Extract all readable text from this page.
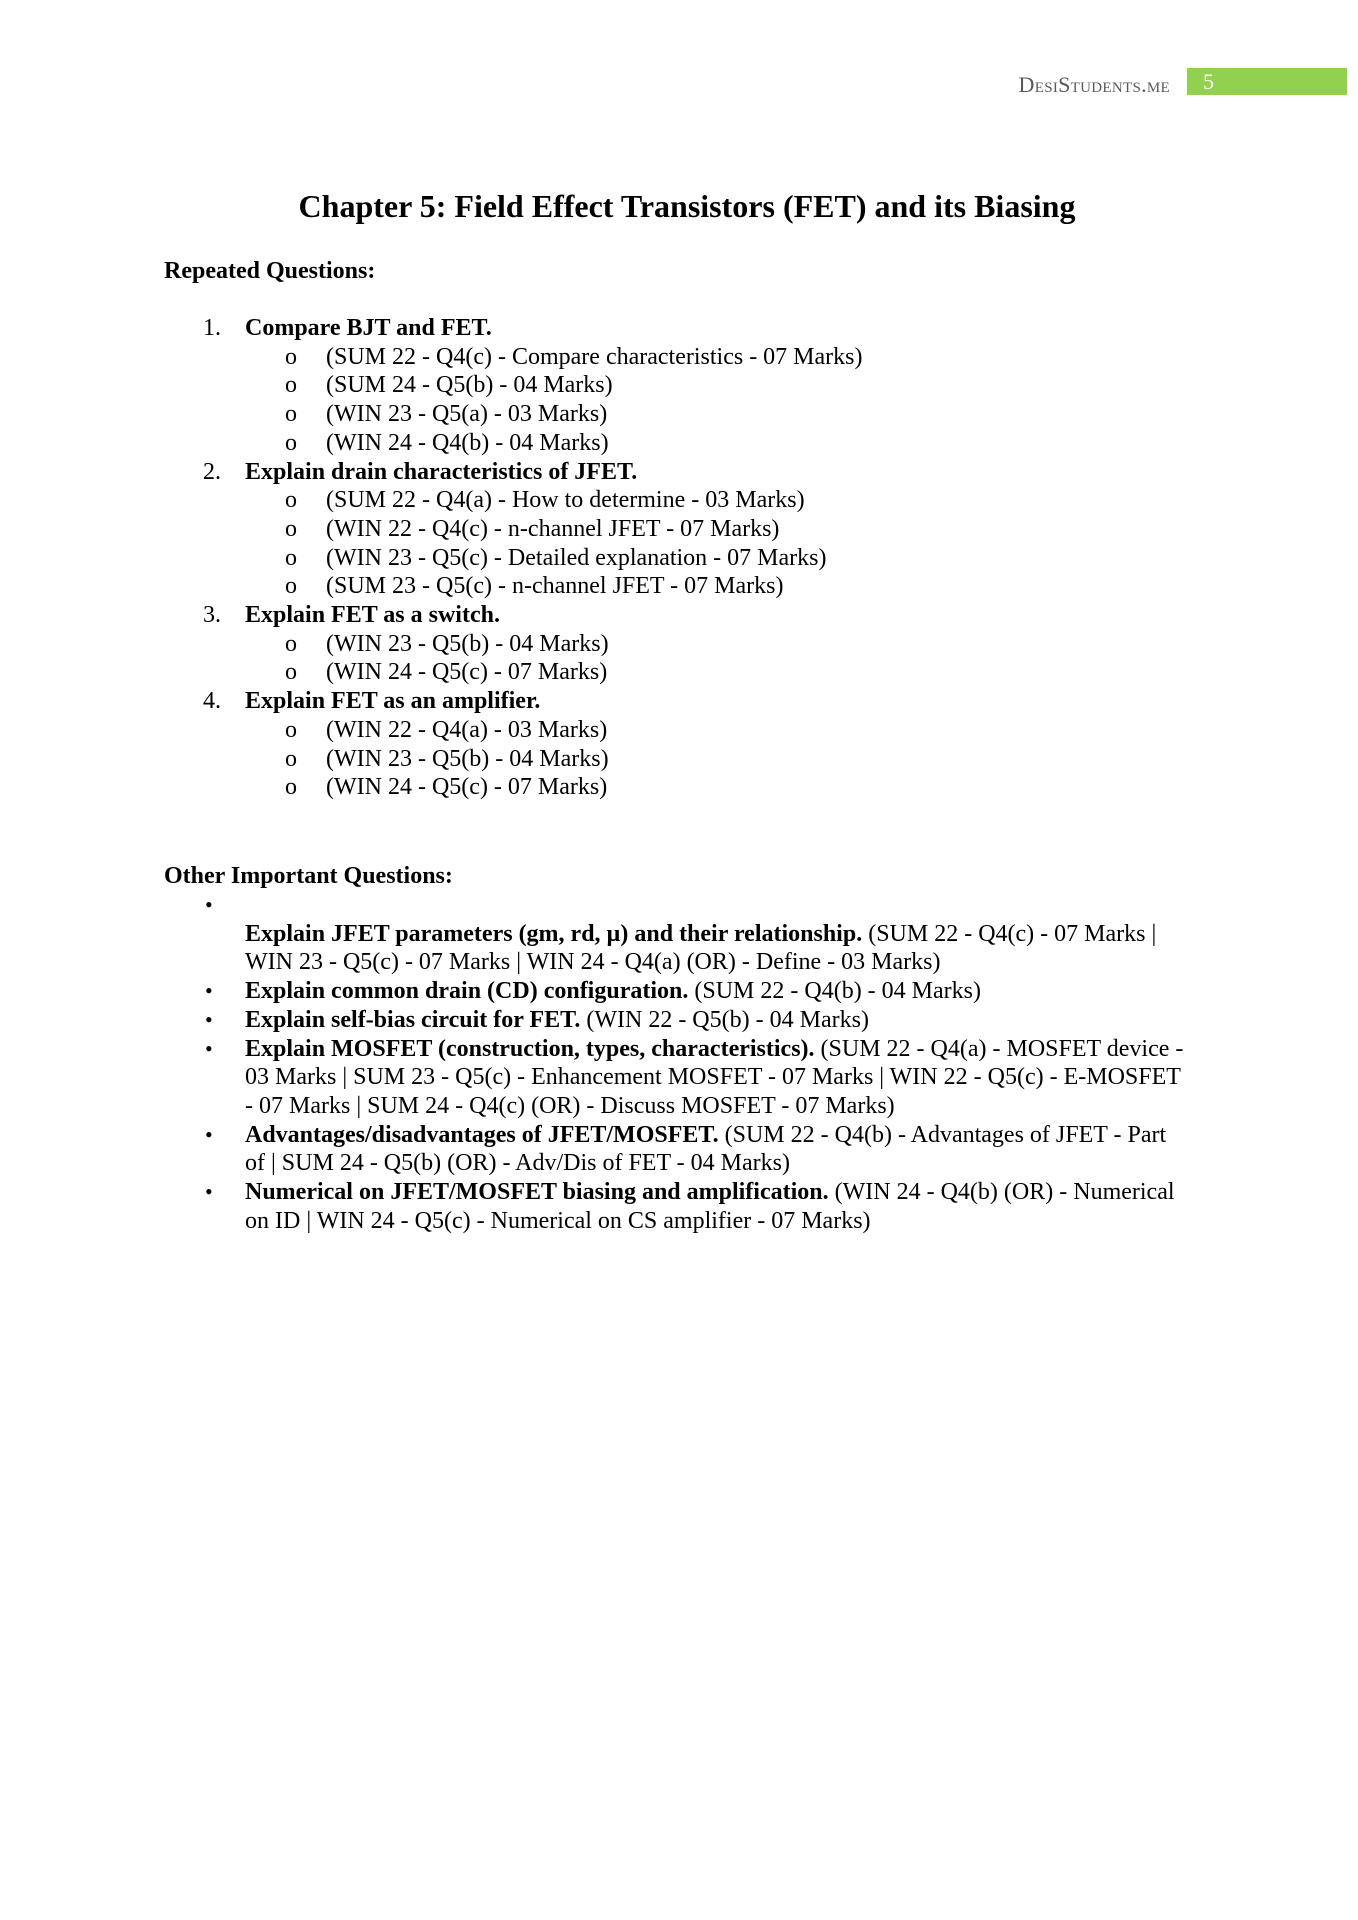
DesiStudents.me	5
Chapter 5: Field Effect Transistors (FET) and its Biasing
Repeated Questions:
1. Compare BJT and FET.
o (SUM 22 - Q4(c) - Compare characteristics - 07 Marks)
o (SUM 24 - Q5(b) - 04 Marks)
o (WIN 23 - Q5(a) - 03 Marks)
o (WIN 24 - Q4(b) - 04 Marks)
2. Explain drain characteristics of JFET.
o (SUM 22 - Q4(a) - How to determine - 03 Marks)
o (WIN 22 - Q4(c) - n-channel JFET - 07 Marks)
o (WIN 23 - Q5(c) - Detailed explanation - 07 Marks)
o (SUM 23 - Q5(c) - n-channel JFET - 07 Marks)
3. Explain FET as a switch.
o (WIN 23 - Q5(b) - 04 Marks)
o (WIN 24 - Q5(c) - 07 Marks)
4. Explain FET as an amplifier.
o (WIN 22 - Q4(a) - 03 Marks)
o (WIN 23 - Q5(b) - 04 Marks)
o (WIN 24 - Q5(c) - 07 Marks)
Other Important Questions:
•
Explain JFET parameters (gm, rd, µ) and their relationship. (SUM 22 - Q4(c) - 07 Marks | WIN 23 - Q5(c) - 07 Marks | WIN 24 - Q4(a) (OR) - Define - 03 Marks)
• Explain common drain (CD) configuration. (SUM 22 - Q4(b) - 04 Marks)
• Explain self-bias circuit for FET. (WIN 22 - Q5(b) - 04 Marks)
• Explain MOSFET (construction, types, characteristics). (SUM 22 - Q4(a) - MOSFET device - 03 Marks | SUM 23 - Q5(c) - Enhancement MOSFET - 07 Marks | WIN 22 - Q5(c) - E-MOSFET - 07 Marks | SUM 24 - Q4(c) (OR) - Discuss MOSFET - 07 Marks)
• Advantages/disadvantages of JFET/MOSFET. (SUM 22 - Q4(b) - Advantages of JFET - Part of | SUM 24 - Q5(b) (OR) - Adv/Dis of FET - 04 Marks)
• Numerical on JFET/MOSFET biasing and amplification. (WIN 24 - Q4(b) (OR) - Numerical on ID | WIN 24 - Q5(c) - Numerical on CS amplifier - 07 Marks)
